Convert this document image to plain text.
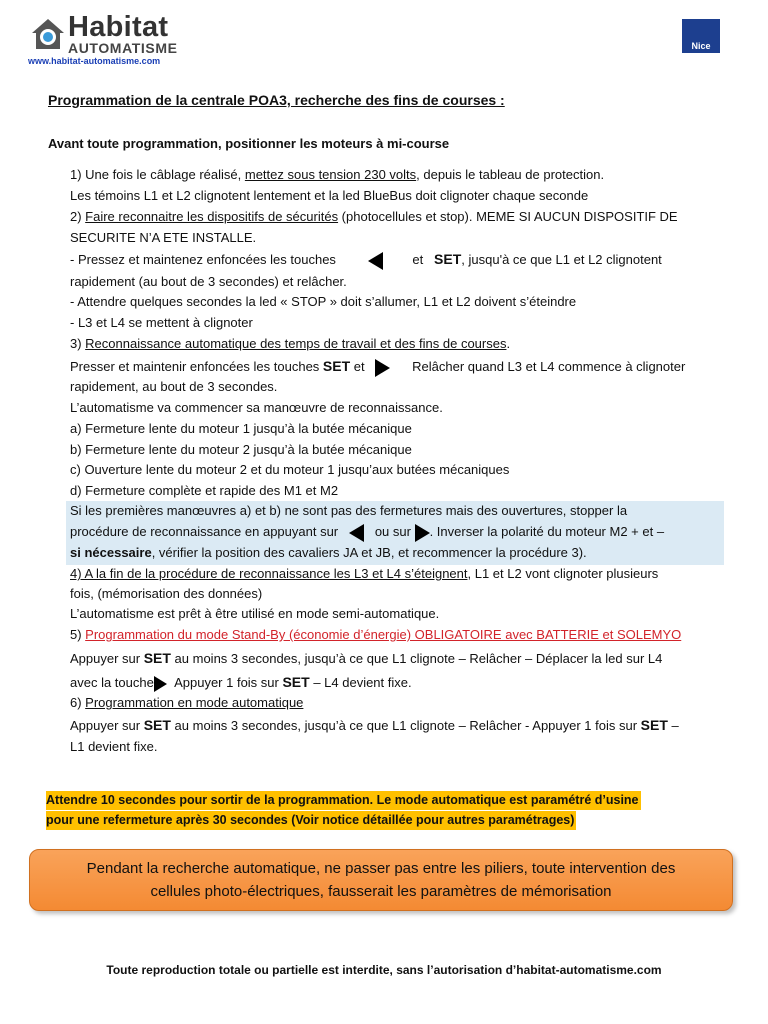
Habitat
AUTOMATISME
www.habitat-automatisme.com
Nice
Programmation de la centrale POA3, recherche des fins de courses :
Avant toute programmation, positionner les moteurs à mi-course
1) Une fois le câblage réalisé, mettez sous tension 230 volts, depuis le tableau de protection.
Les témoins L1 et L2 clignotent lentement et la led BlueBus doit clignoter chaque seconde
2) Faire reconnaitre les dispositifs de sécurités (photocellules et stop). MEME SI AUCUN DISPOSITIF DE
SECURITE N’A ETE INSTALLE.
- Pressez et maintenez enfoncées les touches	et SET, jusqu'à ce que L1 et L2 clignotent
rapidement (au bout de 3 secondes) et relâcher.
- Attendre quelques secondes la led « STOP » doit s’allumer, L1 et L2 doivent s’éteindre
- L3 et L4 se mettent à clignoter
3) Reconnaissance automatique des temps de travail et des fins de courses.
Presser et maintenir enfoncées les touches SET et	Relâcher quand L3 et L4 commence à clignoter
rapidement, au bout de 3 secondes.
L’automatisme va commencer sa manœuvre de reconnaissance.
a) Fermeture lente du moteur 1 jusqu’à la butée mécanique
b) Fermeture lente du moteur 2 jusqu’à la butée mécanique
c) Ouverture lente du moteur 2 et du moteur 1 jusqu’aux butées mécaniques
d) Fermeture complète et rapide des M1 et M2
Si les premières manœuvres a) et b) ne sont pas des fermetures mais des ouvertures, stopper la
procédure de reconnaissance en appuyant sur	ou sur . Inverser la polarité du moteur M2 + et –
si nécessaire, vérifier la position des cavaliers JA et JB, et recommencer la procédure 3).
4) A la fin de la procédure de reconnaissance les L3 et L4 s’éteignent, L1 et L2 vont clignoter plusieurs
fois, (mémorisation des données)
L’automatisme est prêt à être utilisé en mode semi-automatique.
5) Programmation du mode Stand-By (économie d’énergie) OBLIGATOIRE avec BATTERIE et SOLEMYO
Appuyer sur SET au moins 3 secondes, jusqu’à ce que L1 clignote – Relâcher – Déplacer la led sur L4
avec la touche Appuyer 1 fois sur SET – L4 devient fixe.
6) Programmation en mode automatique
Appuyer sur SET au moins 3 secondes, jusqu’à ce que L1 clignote – Relâcher - Appuyer 1 fois sur SET –
L1 devient fixe.
Attendre 10 secondes pour sortir de la programmation. Le mode automatique est paramétré d’usine
pour une refermeture après 30 secondes (Voir notice détaillée pour autres paramétrages)
Pendant la recherche automatique, ne passer pas entre les piliers, toute intervention des
cellules photo-électriques, fausserait les paramètres de mémorisation
Toute reproduction totale ou partielle est interdite, sans l’autorisation d’habitat-automatisme.com
